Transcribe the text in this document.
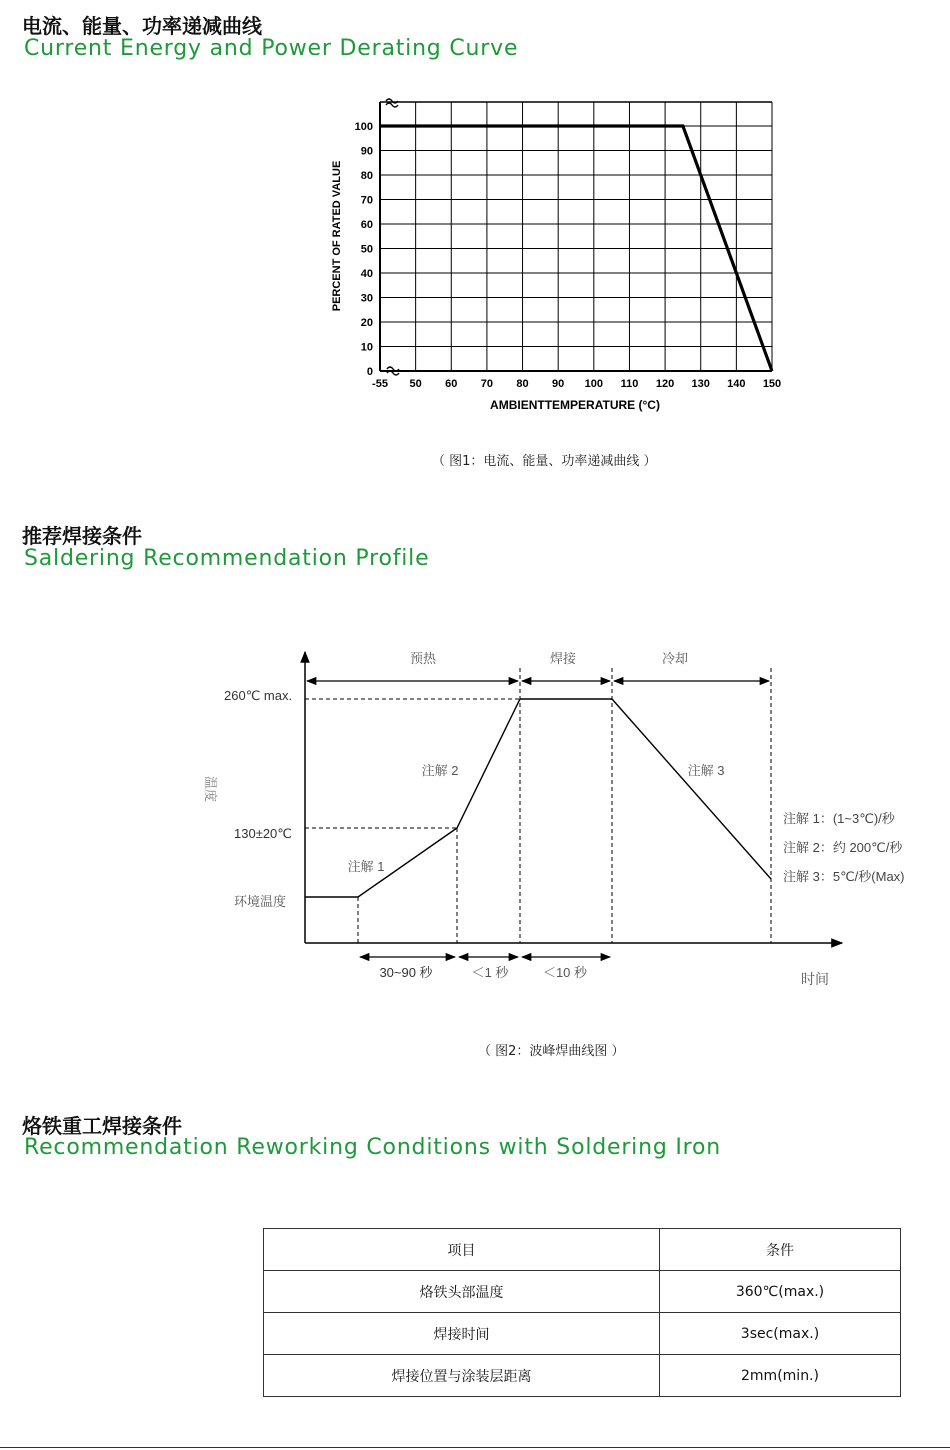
电流、能量、功率递减曲线
Current Energy and Power Derating Curve
0
10
20
30
40
50
60
70
80
90
100
-55 50 60 70 80 90 100 110 120 130 140 150
PERCENT OF RATED VALUE
AMBIENTTEMPERATURE (°C)
（ 图1：电流、能量、功率递减曲线 ）
推荐焊接条件
Saldering Recommendation Profile
预热	焊接	冷却
260℃ max.
130±20℃
环境温度
温度
时间
注解 1
注解 2	注解 3
30~90 秒	＜1 秒	＜10 秒
注解 1：(1~3℃)/秒
注解 2：约 200℃/秒
注解 3：5℃/秒(Max)
（ 图2：波峰焊曲线图 ）
烙铁重工焊接条件
Recommendation Reworking Conditions with Soldering Iron
项目	条件
烙铁头部温度	360℃(max.)
焊接时间	3sec(max.)
焊接位置与涂装层距离	2mm(min.)
